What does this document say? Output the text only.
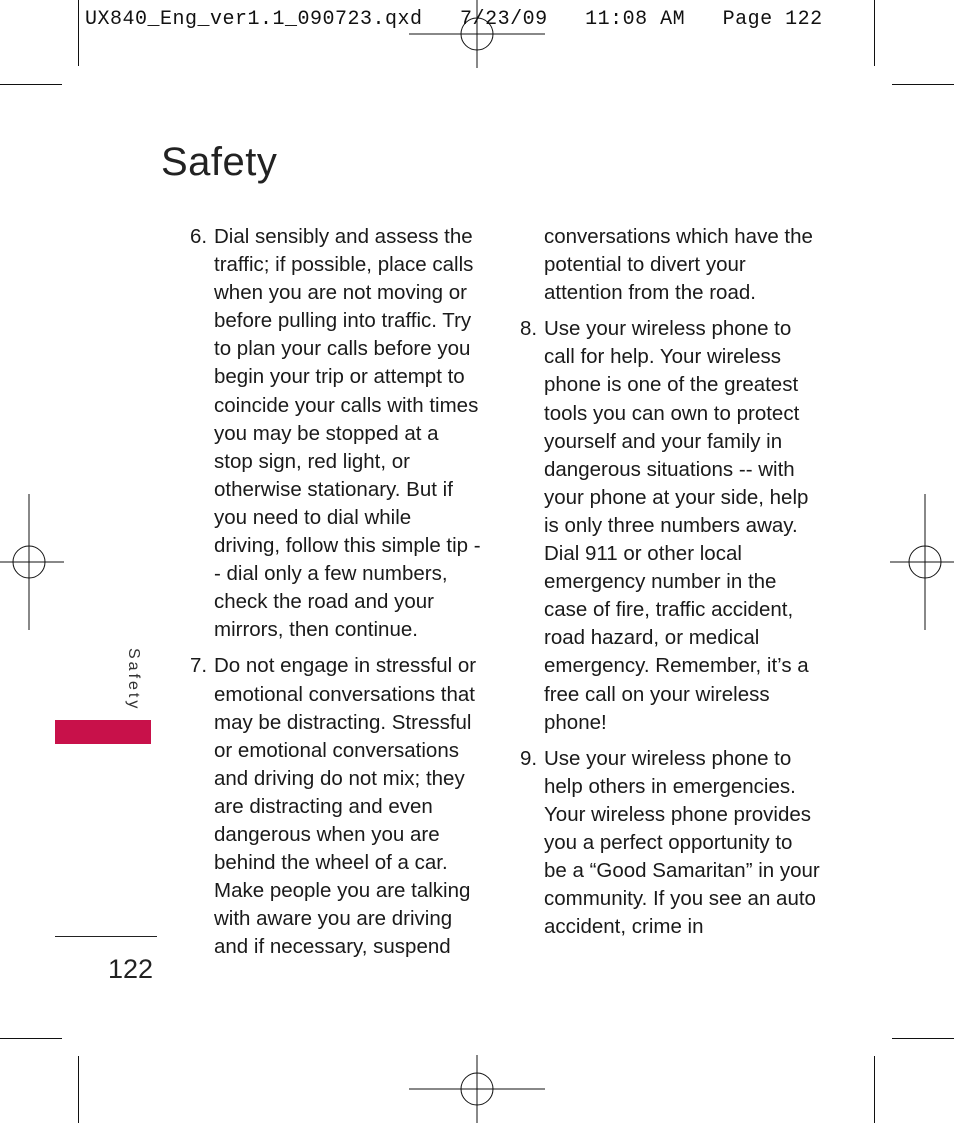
UX840_Eng_ver1.1_090723.qxd   7/23/09   11:08 AM   Page 122
Safety
6. Dial sensibly and assess the traffic; if possible, place calls when you are not moving or before pulling into traffic. Try to plan your calls before you begin your trip or attempt to coincide your calls with times you may be stopped at a stop sign, red light, or otherwise stationary. But if you need to dial while driving, follow this simple tip -- dial only a few numbers, check the road and your mirrors, then continue.
7. Do not engage in stressful or emotional conversations that may be distracting. Stressful or emotional conversations and driving do not mix; they are distracting and even dangerous when you are behind the wheel of a car. Make people you are talking with aware you are driving and if necessary, suspend
conversations which have the potential to divert your attention from the road.
8. Use your wireless phone to call for help. Your wireless phone is one of the greatest tools you can own to protect yourself and your family in dangerous situations -- with your phone at your side, help is only three numbers away. Dial 911 or other local emergency number in the case of fire, traffic accident, road hazard, or medical emergency. Remember, it’s a free call on your wireless phone!
9. Use your wireless phone to help others in emergencies. Your wireless phone provides you a perfect opportunity to be a “Good Samaritan” in your community. If you see an auto accident, crime in
Safety
122
